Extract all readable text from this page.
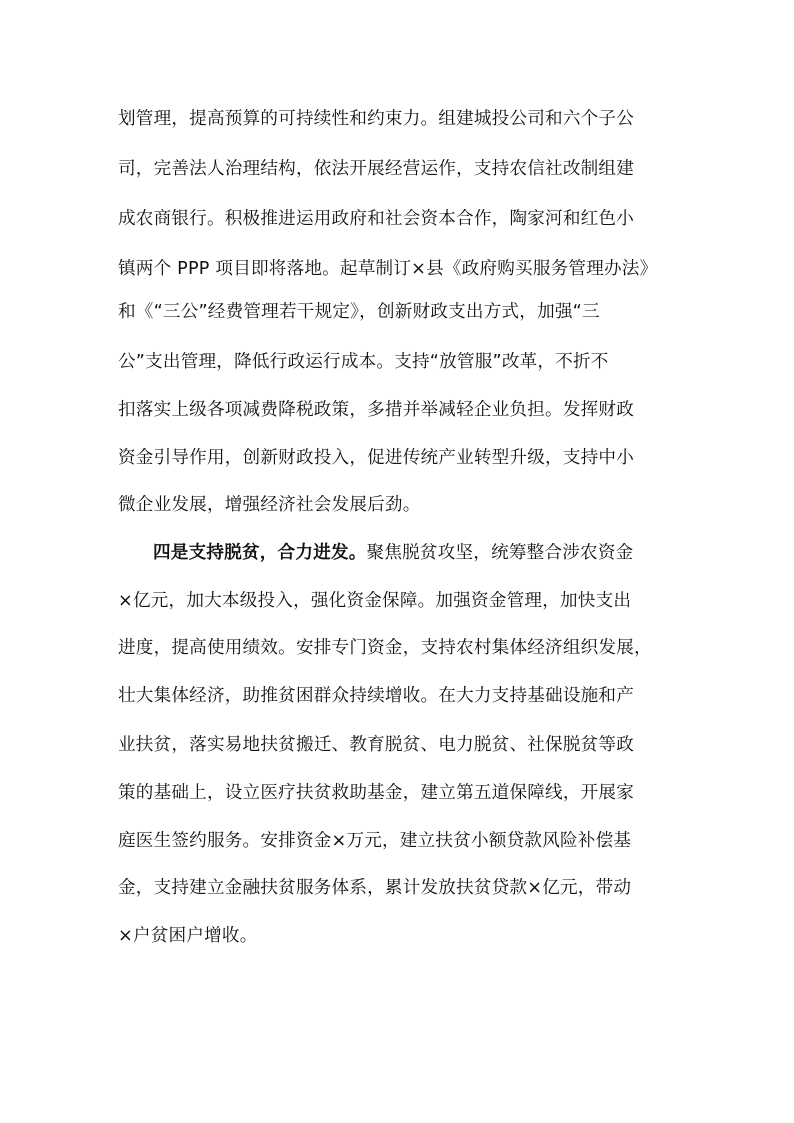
划管理，提高预算的可持续性和约束力。组建城投公司和六个子公
司，完善法人治理结构，依法开展经营运作，支持农信社改制组建
成农商银行。积极推进运用政府和社会资本合作，陶家河和红色小
镇两个 PPP 项目即将落地。起草制订×县《政府购买服务管理办法》
和《“三公”经费管理若干规定》，创新财政支出方式，加强“三
公”支出管理，降低行政运行成本。支持“放管服”改革，不折不
扣落实上级各项减费降税政策，多措并举减轻企业负担。发挥财政
资金引导作用，创新财政投入，促进传统产业转型升级，支持中小
微企业发展，增强经济社会发展后劲。
四是支持脱贫，合力进发。聚焦脱贫攻坚，统筹整合涉农资金
×亿元，加大本级投入，强化资金保障。加强资金管理，加快支出
进度，提高使用绩效。安排专门资金，支持农村集体经济组织发展，
壮大集体经济，助推贫困群众持续增收。在大力支持基础设施和产
业扶贫，落实易地扶贫搬迁、教育脱贫、电力脱贫、社保脱贫等政
策的基础上，设立医疗扶贫救助基金，建立第五道保障线，开展家
庭医生签约服务。安排资金×万元，建立扶贫小额贷款风险补偿基
金，支持建立金融扶贫服务体系，累计发放扶贫贷款×亿元，带动
×户贫困户增收。
